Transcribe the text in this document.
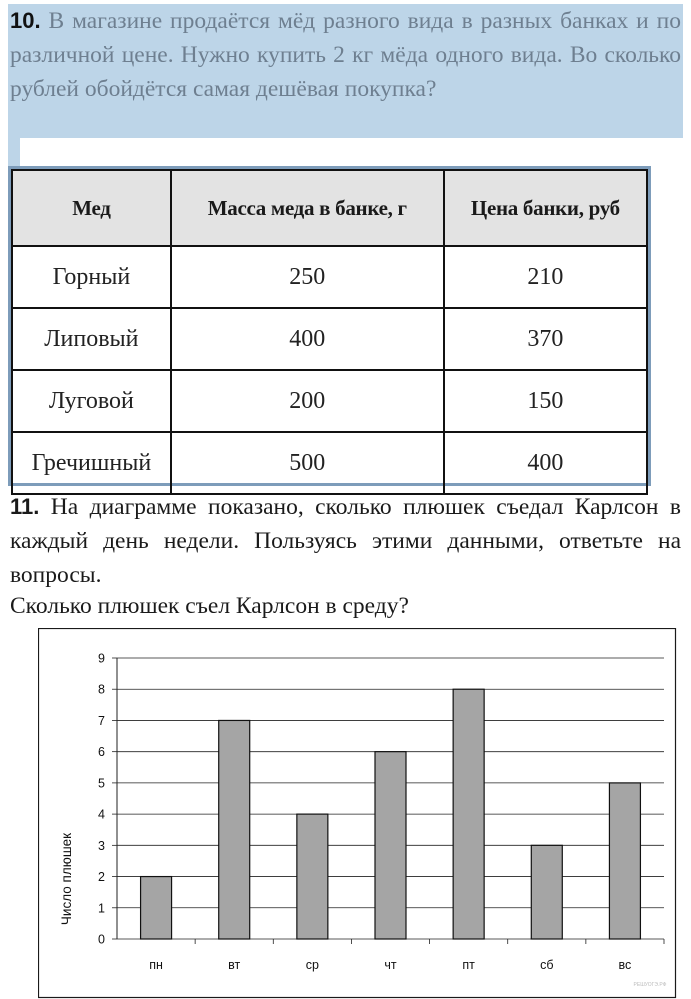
10. В магазине продаётся мёд разного вида в разных банках и по различной цене. Нужно купить 2 кг мёда одного вида. Во сколько рублей обойдётся самая дешёвая покупка?
Мед	Масса меда в банке, г	Цена банки, руб
Горный	250	210
Липовый	400	370
Луговой	200	150
Гречишный	500	400
11. На диаграмме показано, сколько плюшек съедал Карлсон в каждый день недели. Пользуясь этими данными, ответьте на вопросы.
Сколько плюшек съел Карлсон в среду?
0
1
2
3
4
5
6
7
8
9
пн	вт	ср	чт	пт	сб	вс
Число плюшек
РЕШУОГЭ.РФ
